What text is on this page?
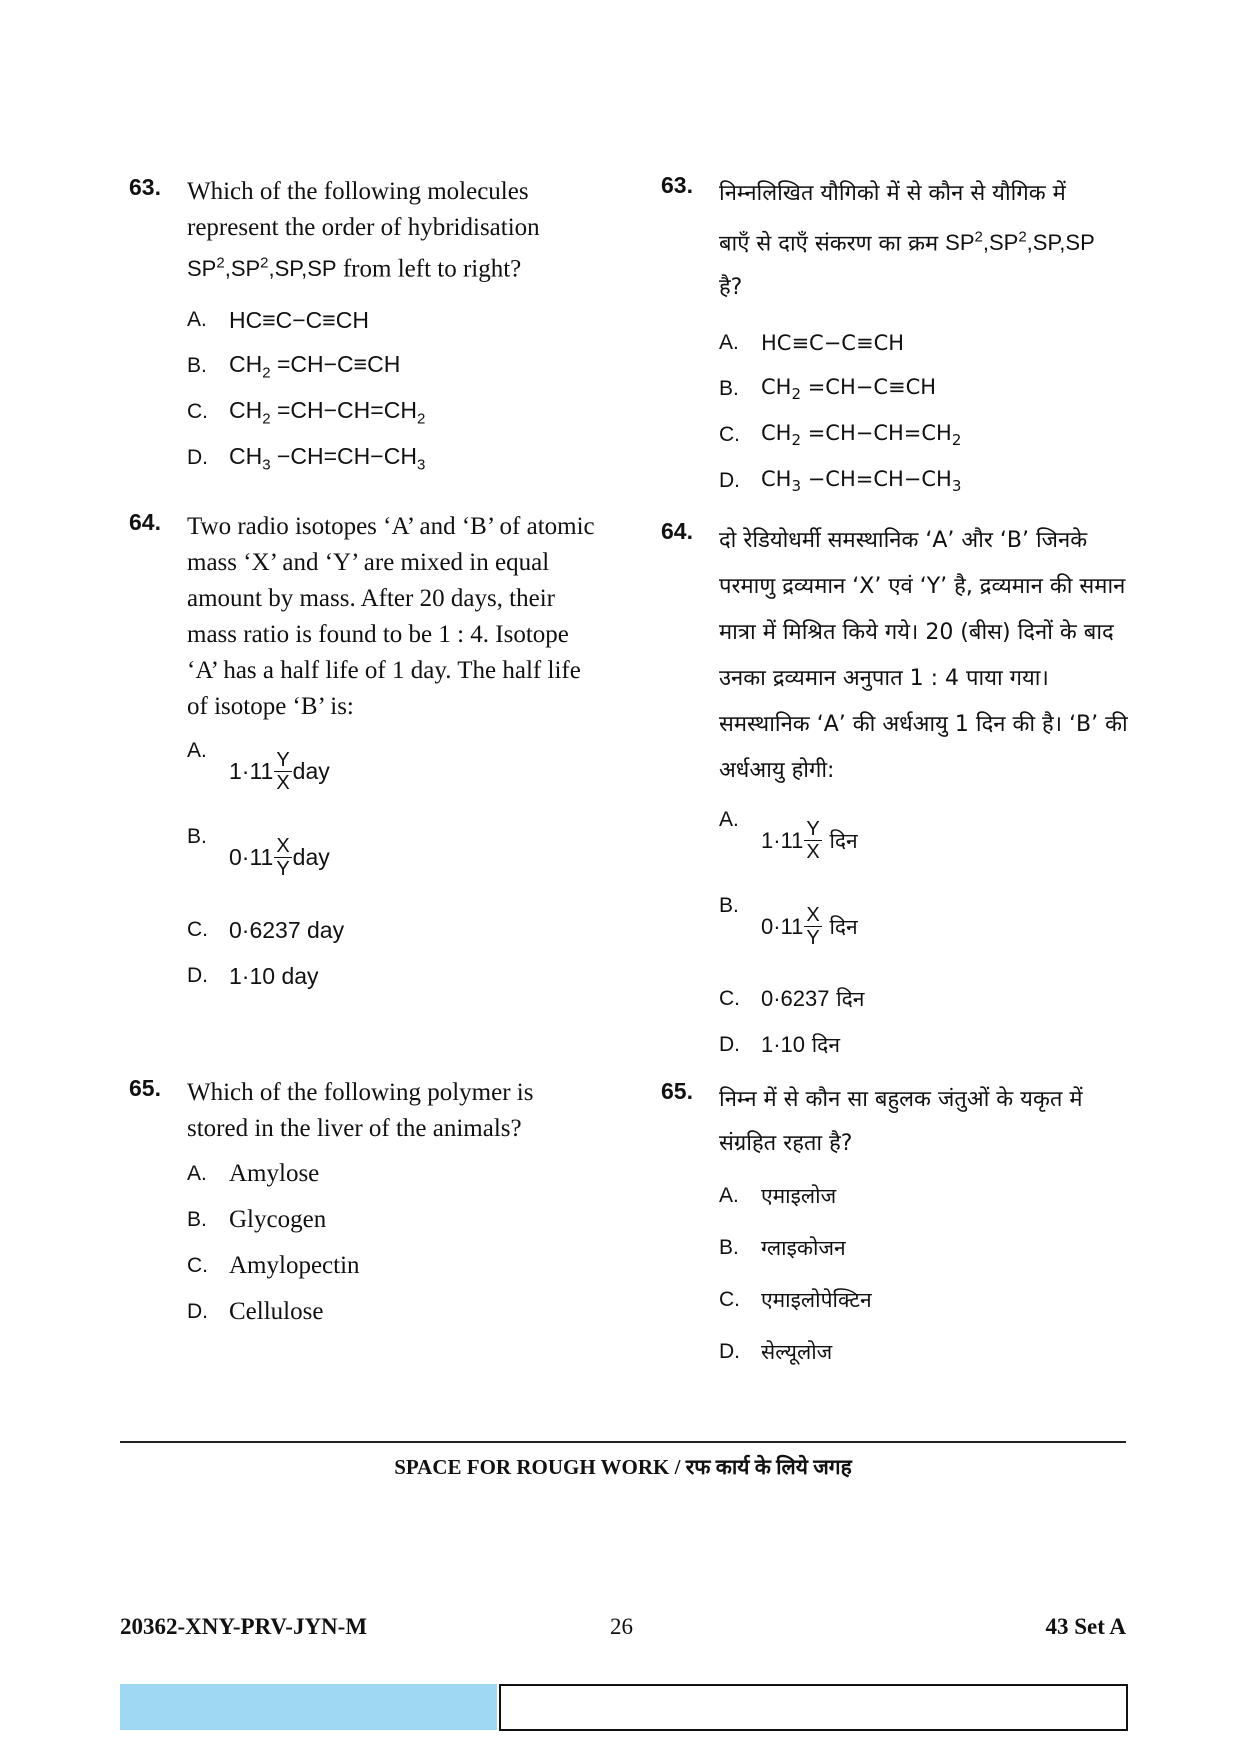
63. Which of the following molecules represent the order of hybridisation
$SP^2,SP^2,SP,SP$ from left to right?
A. HC≡C−C≡CH
B. $CH_2 =CH-C\equiv CH$
C. $CH_2 =CH-CH=CH_2$
D. $CH_3 -CH=CH-CH_3$
64. Two radio isotopes ‘A’ and ‘B’ of atomic mass ‘X’ and ‘Y’ are mixed in equal amount by mass. After 20 days, their mass ratio is found to be 1 : 4. Isotope ‘A’ has a half life of 1 day. The half life of isotope ‘B’ is:
A.
$1\cdot 11 \frac{Y}{X}$ day
B.
$0\cdot 11 \frac{X}{Y}$ day
C. 0·6237 day
D. 1·10 day
65. Which of the following polymer is stored in the liver of the animals?
A. Amylose
B. Glycogen
C. Amylopectin
D. Cellulose
63. निम्नलिखित यौगिको में से कौन से यौगिक में
बाएँ से दाएँ संकरण का क्रम $SP^2,SP^2,SP,SP$
है?
A.	HC≡C−C≡CH
B.	$CH_2 =CH-C\equiv CH$
C.	$CH_2 =CH-CH=CH_2$
D.	$CH_3 -CH=CH-CH_3$
64. दो रेडियोधर्मी समस्थानिक ‘A’ और ‘B’ जिनके परमाणु द्रव्यमान ‘X’ एवं ‘Y’ है, द्रव्यमान की समान मात्रा में मिश्रित किये गये। 20 (बीस) दिनों के बाद उनका द्रव्यमान अनुपात 1 : 4 पाया गया। समस्थानिक ‘A’ की अर्धआयु 1 दिन की है। ‘B’ की अर्धआयु होगी:
A.
$1\cdot 11 \frac{Y}{X}$
दिन
B.
$0\cdot 11 \frac{X}{Y}$
दिन
C. 0·6237 दिन
D. 1·10 दिन
65. निम्न में से कौन सा बहुलक जंतुओं के यकृत में संग्रहित रहता है?
A.	एमाइलोज
B.	ग्लाइकोजन
C.	एमाइलोपेक्टिन
D.	सेल्यूलोज
SPACE FOR ROUGH WORK / रफ कार्य के लिये जगह
20362-XNY-PRV-JYN-M	26	43 Set A
